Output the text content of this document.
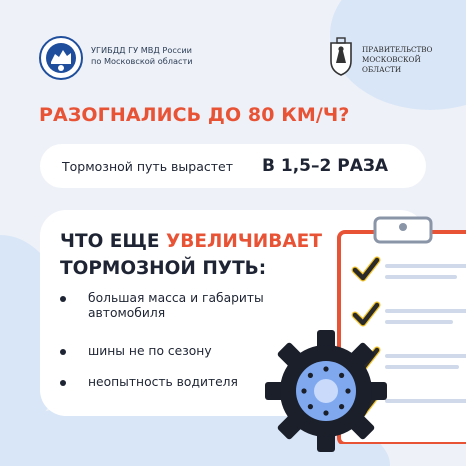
УГИБДД ГУ МВД России
по Московской области
ПРАВИТЕЛЬСТВО
МОСКОВСКОЙ
ОБЛАСТИ
РАЗОГНАЛИСЬ ДО 80 КМ/Ч?
Тормозной путь вырастет В 1,5–2 РАЗА
ЧТО ЕЩЕ УВЕЛИЧИВАЕТ
ТОРМОЗНОЙ ПУТЬ:
большая масса и габариты
автомобиля
шины не по сезону
неопытность водителя
